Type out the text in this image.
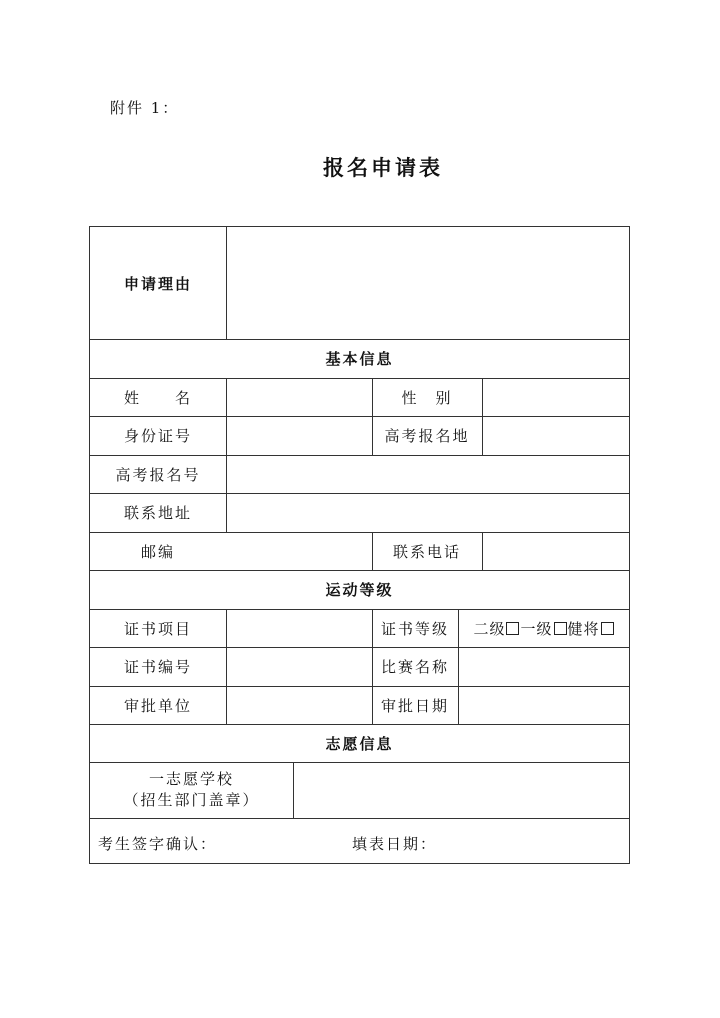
附件 1：
报名申请表
申请理由
基本信息
姓　　名	性　别
身份证号	高考报名地
高考报名号
联系地址
邮编	联系电话
运动等级
证书项目	证书等级	二级 一级 健将
证书编号	比赛名称
审批单位	审批日期
志愿信息
一志愿学校
（招生部门盖章）
考生签字确认：	填表日期：
